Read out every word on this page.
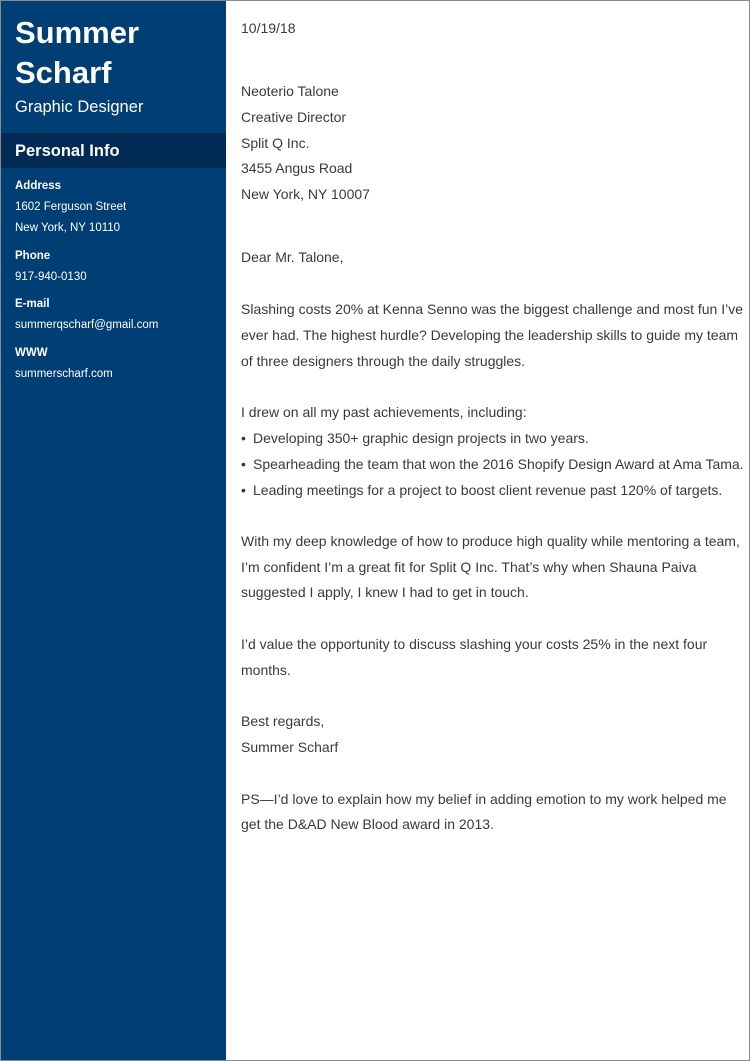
Summer
Scharf
Graphic Designer
Personal Info
Address
1602 Ferguson Street
New York, NY 10110
Phone
917-940-0130
E-mail
summerqscharf@gmail.com
WWW
summerscharf.com
10/19/18
Neoterio Talone
Creative Director
Split Q Inc.
3455 Angus Road
New York, NY 10007
Dear Mr. Talone,
Slashing costs 20% at Kenna Senno was the biggest challenge and most fun I’ve
ever had. The highest hurdle? Developing the leadership skills to guide my team
of three designers through the daily struggles.
I drew on all my past achievements, including:
• Developing 350+ graphic design projects in two years.
• Spearheading the team that won the 2016 Shopify Design Award at Ama Tama.
• Leading meetings for a project to boost client revenue past 120% of targets.
With my deep knowledge of how to produce high quality while mentoring a team,
I’m confident I’m a great fit for Split Q Inc. That’s why when Shauna Paiva
suggested I apply, I knew I had to get in touch.
I’d value the opportunity to discuss slashing your costs 25% in the next four
months.
Best regards,
Summer Scharf
PS—I’d love to explain how my belief in adding emotion to my work helped me
get the D&AD New Blood award in 2013.
